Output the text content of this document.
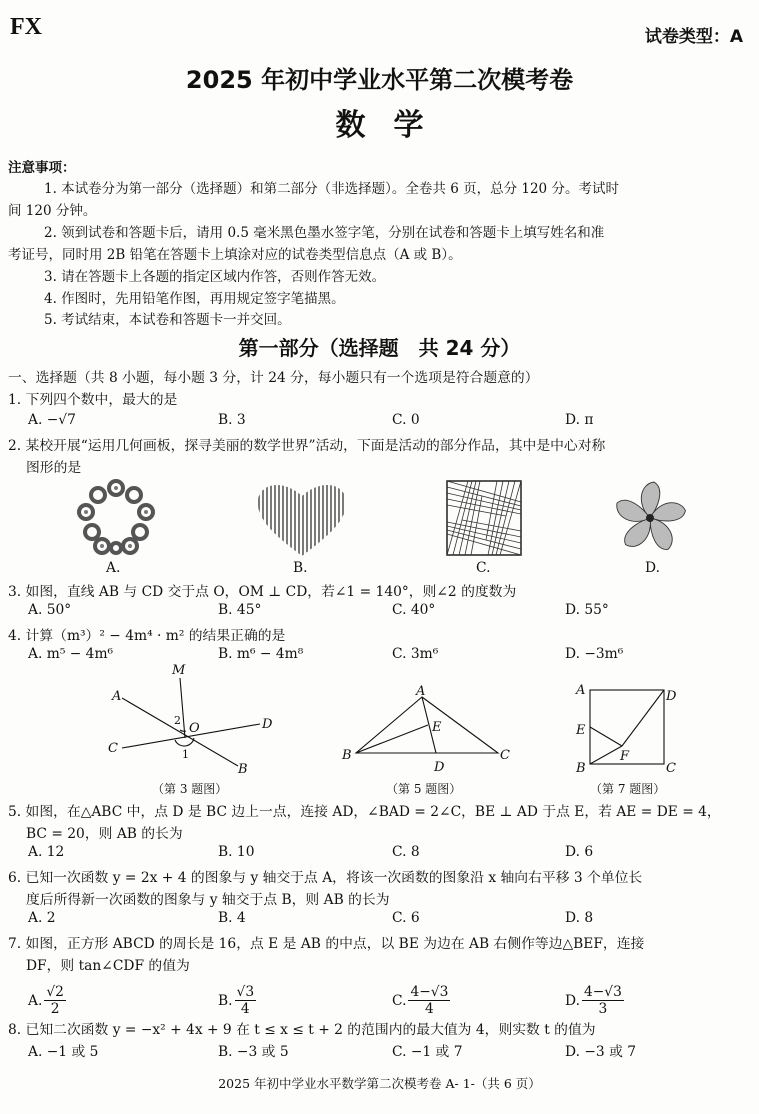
FX	试卷类型：A
2025 年初中学业水平第二次模考卷
数学
注意事项：
1. 本试卷分为第一部分（选择题）和第二部分（非选择题）。全卷共 6 页，总分 120 分。考试时
间 120 分钟。
2. 领到试卷和答题卡后，请用 0.5 毫米黑色墨水签字笔，分别在试卷和答题卡上填写姓名和准
考证号，同时用 2B 铅笔在答题卡上填涂对应的试卷类型信息点（A 或 B）。
3. 请在答题卡上各题的指定区域内作答，否则作答无效。
4. 作图时，先用铅笔作图，再用规定签字笔描黑。
5. 考试结束，本试卷和答题卡一并交回。
第一部分（选择题　共 24 分）
一、选择题（共 8 小题，每小题 3 分，计 24 分，每小题只有一个选项是符合题意的）
1. 下列四个数中，最大的是
A. −√7	B. 3	C. 0	D. π
2. 某校开展“运用几何画板，探寻美丽的数学世界”活动，下面是活动的部分作品，其中是中心对称
图形的是
A.	B.	C.	D.
3. 如图，直线 AB 与 CD 交于点 O，OM ⊥ CD，若∠1 = 140°，则∠2 的度数为
A. 50°	B. 45°	C. 40°	D. 55°
4. 计算（m³）² − 4m⁴ · m² 的结果正确的是
A. m⁵ − 4m⁶	B. m⁶ − 4m⁸	C. 3m⁶	D. −3m⁶
A
B
C
D
M
O
2
1
（第 3 题图）
A
B	C
D
E
（第 5 题图）
A	D
E
F
B	C
（第 7 题图）
5. 如图，在△ABC 中，点 D 是 BC 边上一点，连接 AD，∠BAD = 2∠C，BE ⊥ AD 于点 E，若 AE = DE = 4，
BC = 20，则 AB 的长为
A. 12	B. 10	C. 8	D. 6
6. 已知一次函数 y = 2x + 4 的图象与 y 轴交于点 A，将该一次函数的图象沿 x 轴向右平移 3 个单位长
度后所得新一次函数的图象与 y 轴交于点 B，则 AB 的长为
A. 2	B. 4	C. 6	D. 8
7. 如图，正方形 ABCD 的周长是 16，点 E 是 AB 的中点，以 BE 为边在 AB 右侧作等边△BEF，连接
DF，则 tan∠CDF 的值为
A. $\frac{√2}{2}$	B. $\frac{√3}{4}$	C. $\frac{4-√3}{4}$	D. $\frac{4-√3}{3}$
8. 已知二次函数 y = −x² + 4x + 9 在 t ≤ x ≤ t + 2 的范围内的最大值为 4，则实数 t 的值为
A. −1 或 5	B. −3 或 5	C. −1 或 7	D. −3 或 7
2025 年初中学业水平数学第二次模考卷 A- 1-（共 6 页）
